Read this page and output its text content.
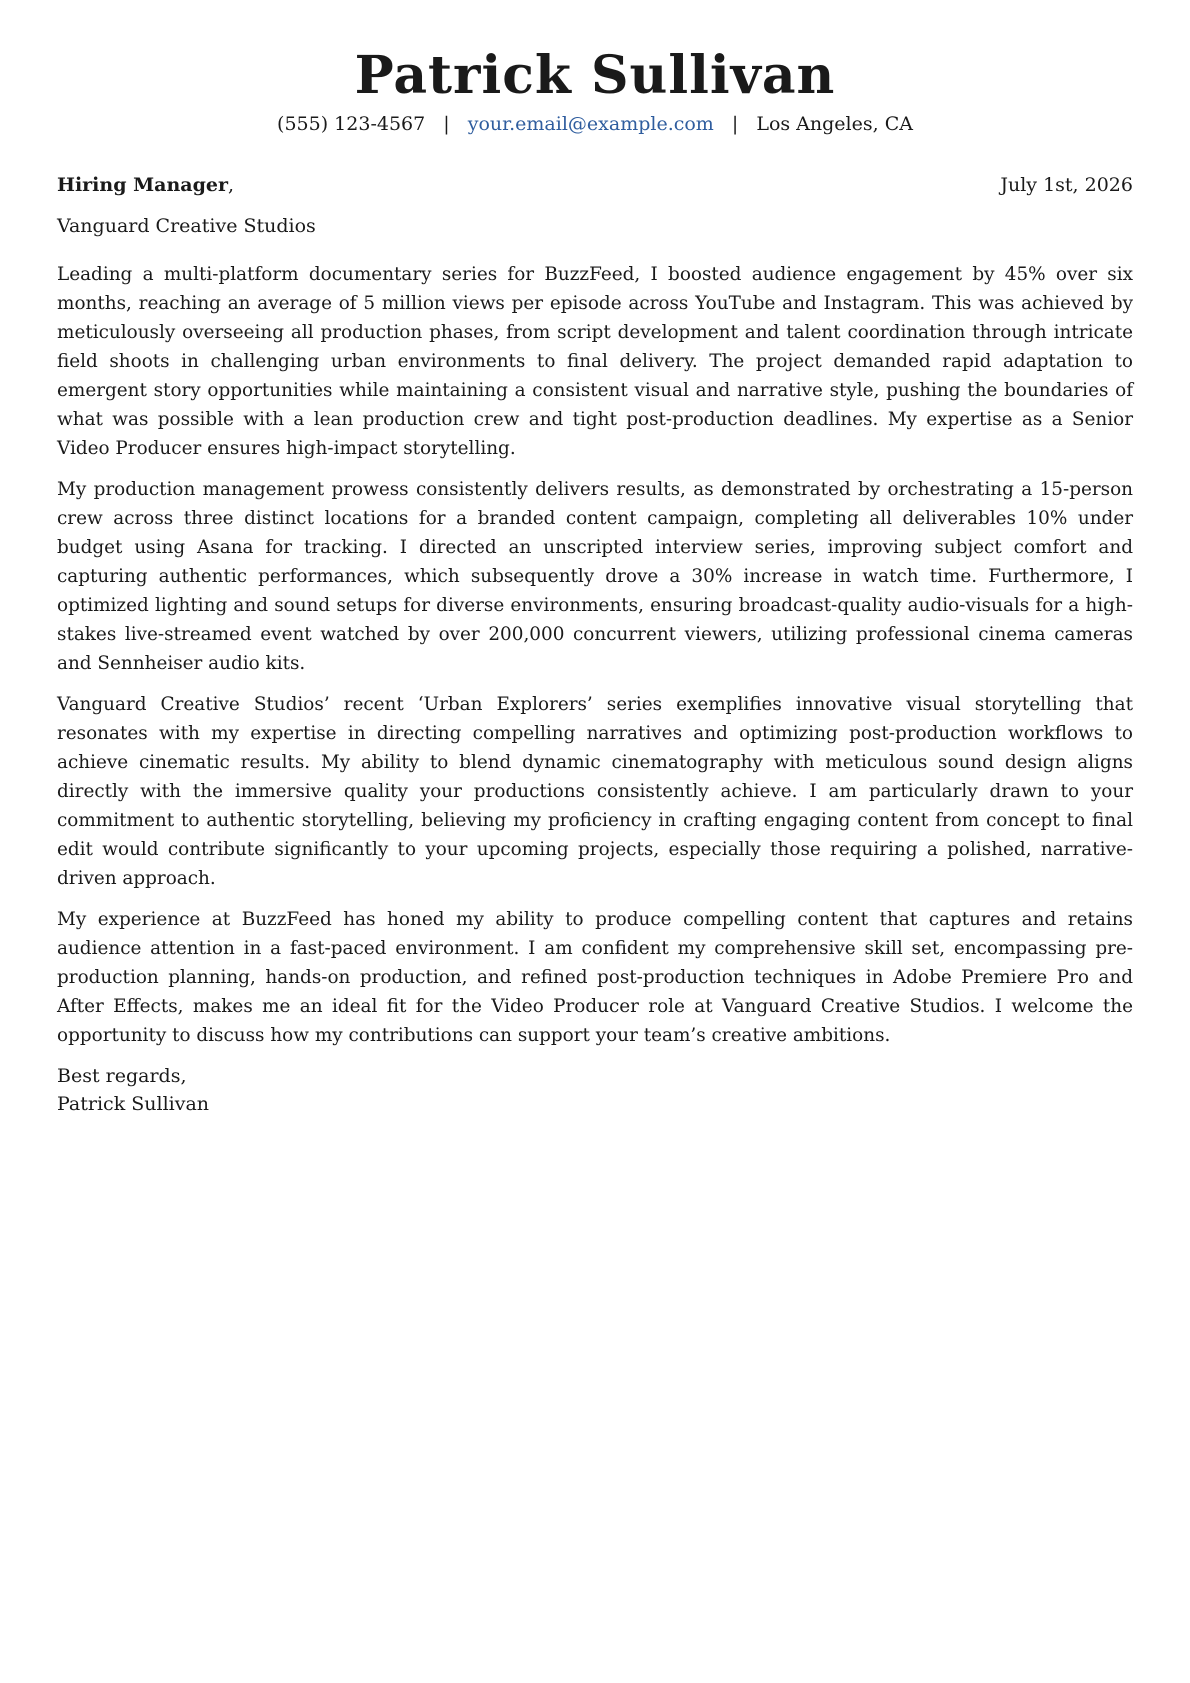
Patrick Sullivan
(555) 123-4567 | your.email@example.com | Los Angeles, CA
Hiring Manager,	July 1st, 2026
Vanguard Creative Studios

Leading a multi-platform documentary series for BuzzFeed, I boosted audience engagement by 45% over six months, reaching an average of 5 million views per episode across YouTube and Instagram. This was achieved by meticulously overseeing all production phases, from script development and talent coordination through intricate field shoots in challenging urban environments to final delivery. The project demanded rapid adaptation to emergent story opportunities while maintaining a consistent visual and narrative style, pushing the boundaries of what was possible with a lean production crew and tight post-production deadlines. My expertise as a Senior Video Producer ensures high-impact storytelling.

My production management prowess consistently delivers results, as demonstrated by orchestrating a 15-person crew across three distinct locations for a branded content campaign, completing all deliverables 10% under budget using Asana for tracking. I directed an unscripted interview series, improving subject comfort and capturing authentic performances, which subsequently drove a 30% increase in watch time. Furthermore, I optimized lighting and sound setups for diverse environments, ensuring broadcast-quality audio-visuals for a high-stakes live-streamed event watched by over 200,000 concurrent viewers, utilizing professional cinema cameras and Sennheiser audio kits.

Vanguard Creative Studios’ recent ‘Urban Explorers’ series exemplifies innovative visual storytelling that resonates with my expertise in directing compelling narratives and optimizing post-production workflows to achieve cinematic results. My ability to blend dynamic cinematography with meticulous sound design aligns directly with the immersive quality your productions consistently achieve. I am particularly drawn to your commitment to authentic storytelling, believing my proficiency in crafting engaging content from concept to final edit would contribute significantly to your upcoming projects, especially those requiring a polished, narrative-driven approach.

My experience at BuzzFeed has honed my ability to produce compelling content that captures and retains audience attention in a fast-paced environment. I am confident my comprehensive skill set, encompassing pre-production planning, hands-on production, and refined post-production techniques in Adobe Premiere Pro and After Effects, makes me an ideal fit for the Video Producer role at Vanguard Creative Studios. I welcome the opportunity to discuss how my contributions can support your team’s creative ambitions.

Best regards,
Patrick Sullivan
